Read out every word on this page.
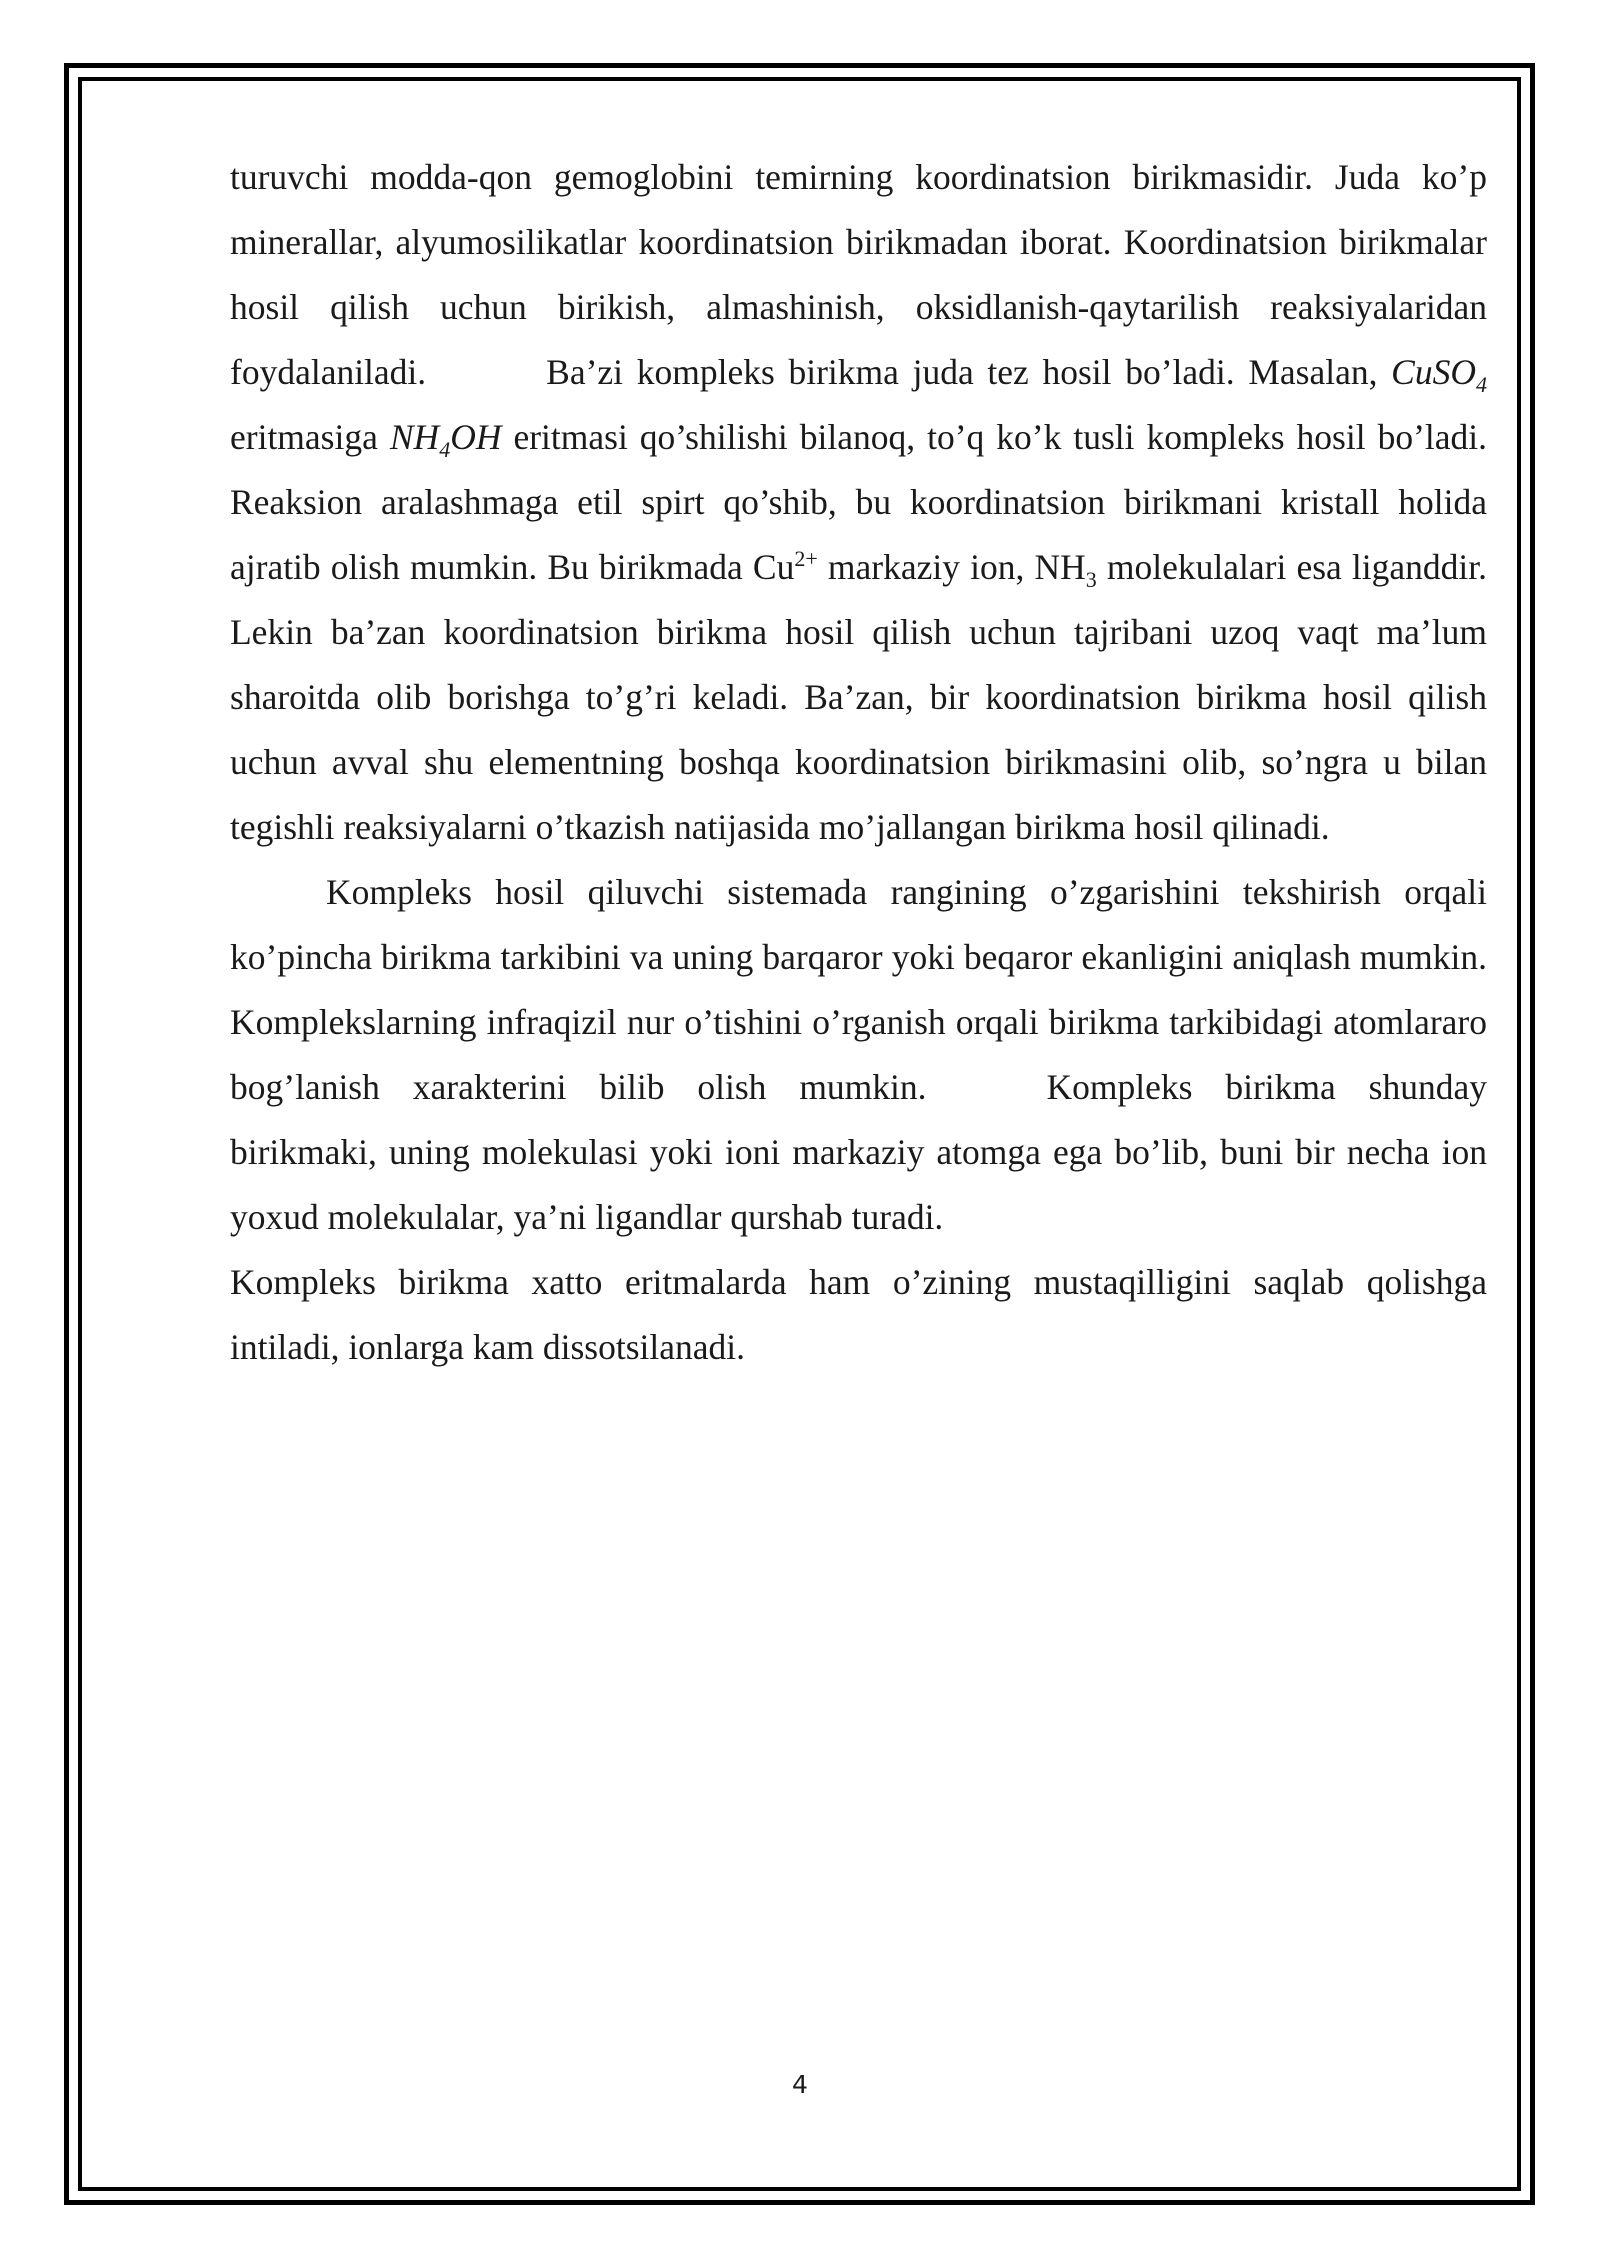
turuvchi modda-qon gemoglobini temirning koordinatsion birikmasidir. Juda ko’p minerallar, alyumosilikatlar koordinatsion birikmadan iborat. Koordinatsion birikmalar hosil qilish uchun birikish, almashinish, oksidlanish-qaytarilish reaksiyalaridan foydalaniladi.	Ba’zi kompleks birikma juda tez hosil bo’ladi. Masalan, CuSO$_4$ eritmasiga $NH_4OH$ eritmasi qo’shilishi bilanoq, to’q ko’k tusli kompleks hosil bo’ladi. Reaksion aralashmaga etil spirt qo’shib, bu koordinatsion birikmani kristall holida ajratib olish mumkin. Bu birikmada $Cu^{2+}$ markaziy ion, $NH_3$ molekulalari esa liganddir. Lekin ba’zan koordinatsion birikma hosil qilish uchun tajribani uzoq vaqt ma’lum sharoitda olib borishga to’g’ri keladi. Ba’zan, bir koordinatsion birikma hosil qilish uchun avval shu elementning boshqa koordinatsion birikmasini olib, so’ngra u bilan tegishli reaksiyalarni o’tkazish natijasida mo’jallangan birikma hosil qilinadi.

Kompleks hosil qiluvchi sistemada rangining o’zgarishini tekshirish orqali ko’pincha birikma tarkibini va uning barqaror yoki beqaror ekanligini aniqlash mumkin. Komplekslarning infraqizil nur o’tishini o’rganish orqali birikma tarkibidagi atomlararo bog’lanish xarakterini bilib olish mumkin.	Kompleks birikma shunday birikmaki, uning molekulasi yoki ioni markaziy atomga ega bo’lib, buni bir necha ion yoxud molekulalar, ya’ni ligandlar qurshab turadi.

Kompleks birikma xatto eritmalarda ham o’zining mustaqilligini saqlab qolishga intiladi, ionlarga kam dissotsilanadi.

4
